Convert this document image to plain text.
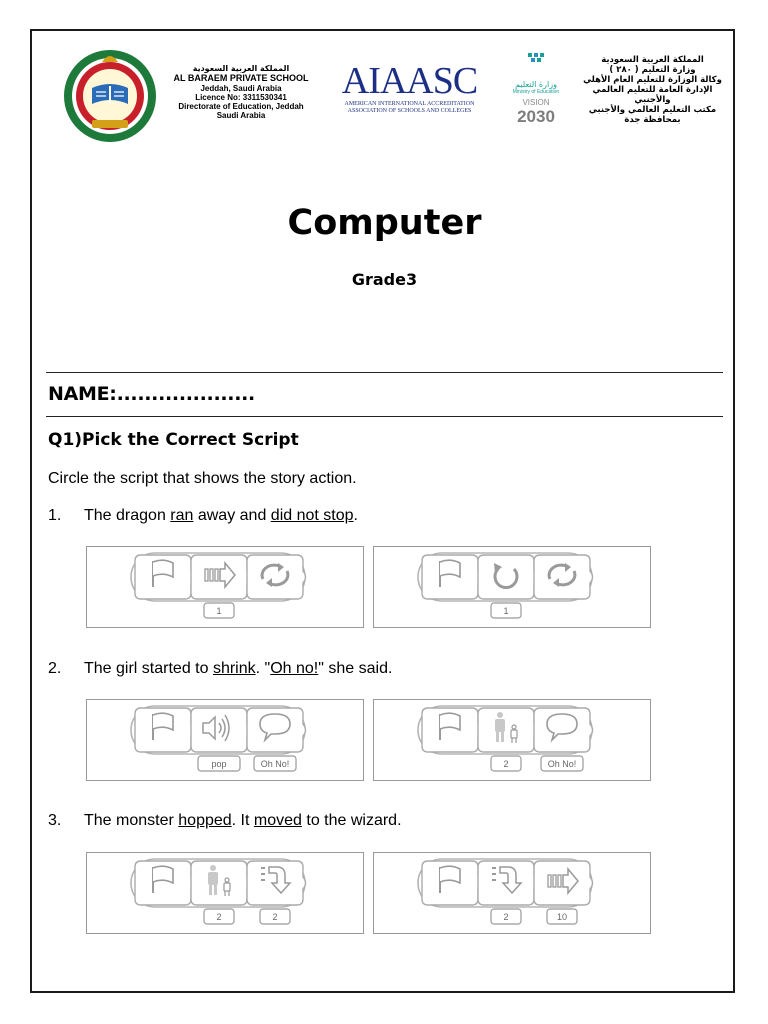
المملكة العربية السعودية
AL BARAEM PRIVATE SCHOOL
Jeddah, Saudi Arabia
Licence No: 3311530341
Directorate of Education, Jeddah
Saudi Arabia
AIAASC
AMERICAN INTERNATIONAL ACCREDITATION
ASSOCIATION OF SCHOOLS AND COLLEGES
وزارة التعليم
Ministry of Education
VISION
2030
المملكة العربية السعودية
وزارة التعليم ( ٢٨٠ )
وكالة الوزارة للتعليم العام الأهلي
الإدارة العامة للتعليم العالمي
والأجنبي
مكتب التعليم العالمي والأجنبي
بمحافظة جدة
Computer
Grade3
NAME:....................
Q1)Pick the Correct Script
Circle the script that shows the story action.
1. The dragon ran away and did not stop.
2. The girl started to shrink. "Oh no!" she said.
3. The monster hopped. It moved to the wizard.
1	1
pop	Oh No!	2	Oh No!
2	2	2	10
